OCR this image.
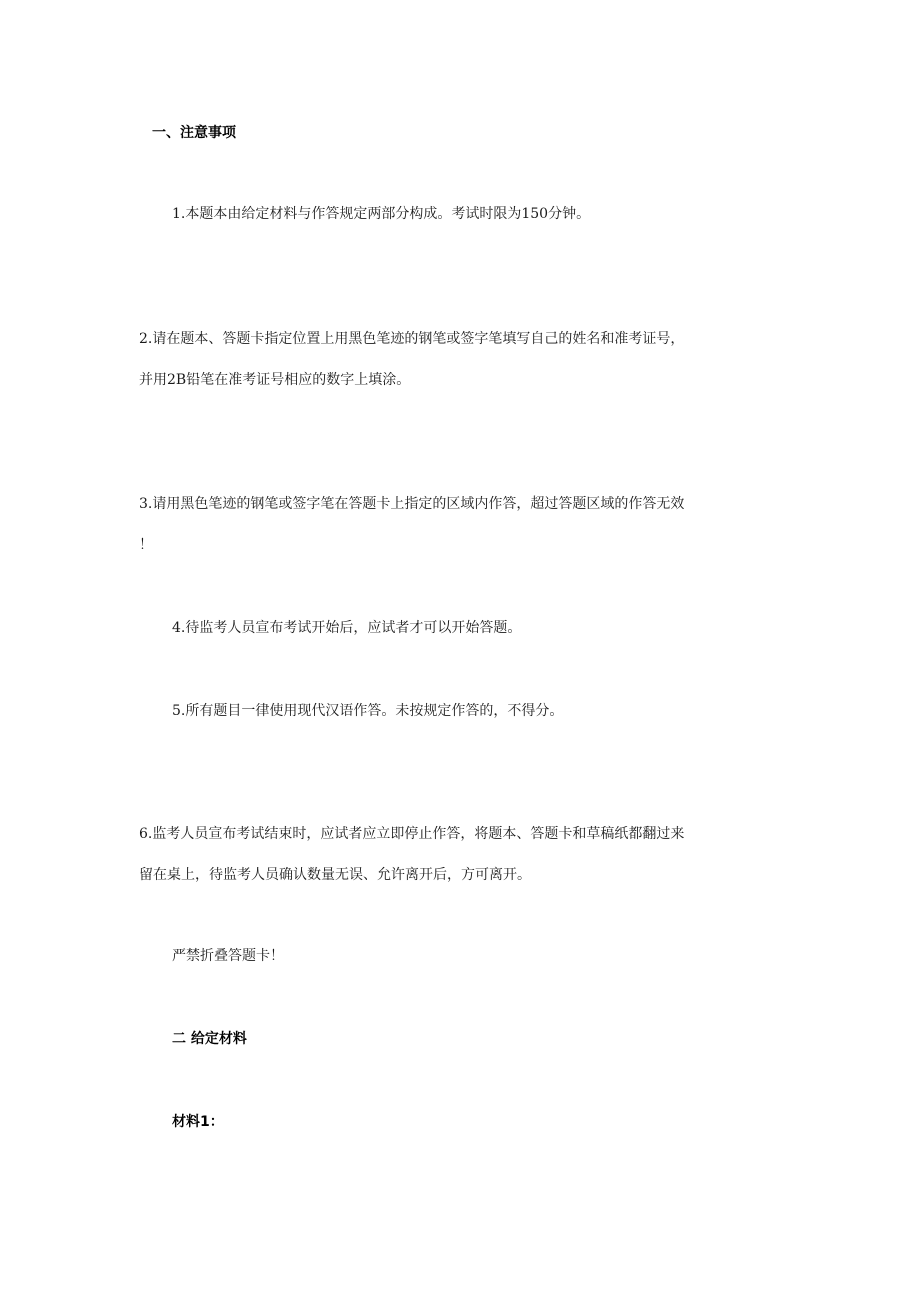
一、注意事项
1.本题本由给定材料与作答规定两部分构成。考试时限为150分钟。
2.请在题本、答题卡指定位置上用黑色笔迹的钢笔或签字笔填写自己的姓名和准考证号，
并用2B铅笔在准考证号相应的数字上填涂。
3.请用黑色笔迹的钢笔或签字笔在答题卡上指定的区域内作答，超过答题区域的作答无效
！
4.待监考人员宣布考试开始后，应试者才可以开始答题。
5.所有题目一律使用现代汉语作答。未按规定作答的，不得分。
6.监考人员宣布考试结束时，应试者应立即停止作答，将题本、答题卡和草稿纸都翻过来
留在桌上，待监考人员确认数量无误、允许离开后，方可离开。
严禁折叠答题卡！
二 给定材料
材料1：
